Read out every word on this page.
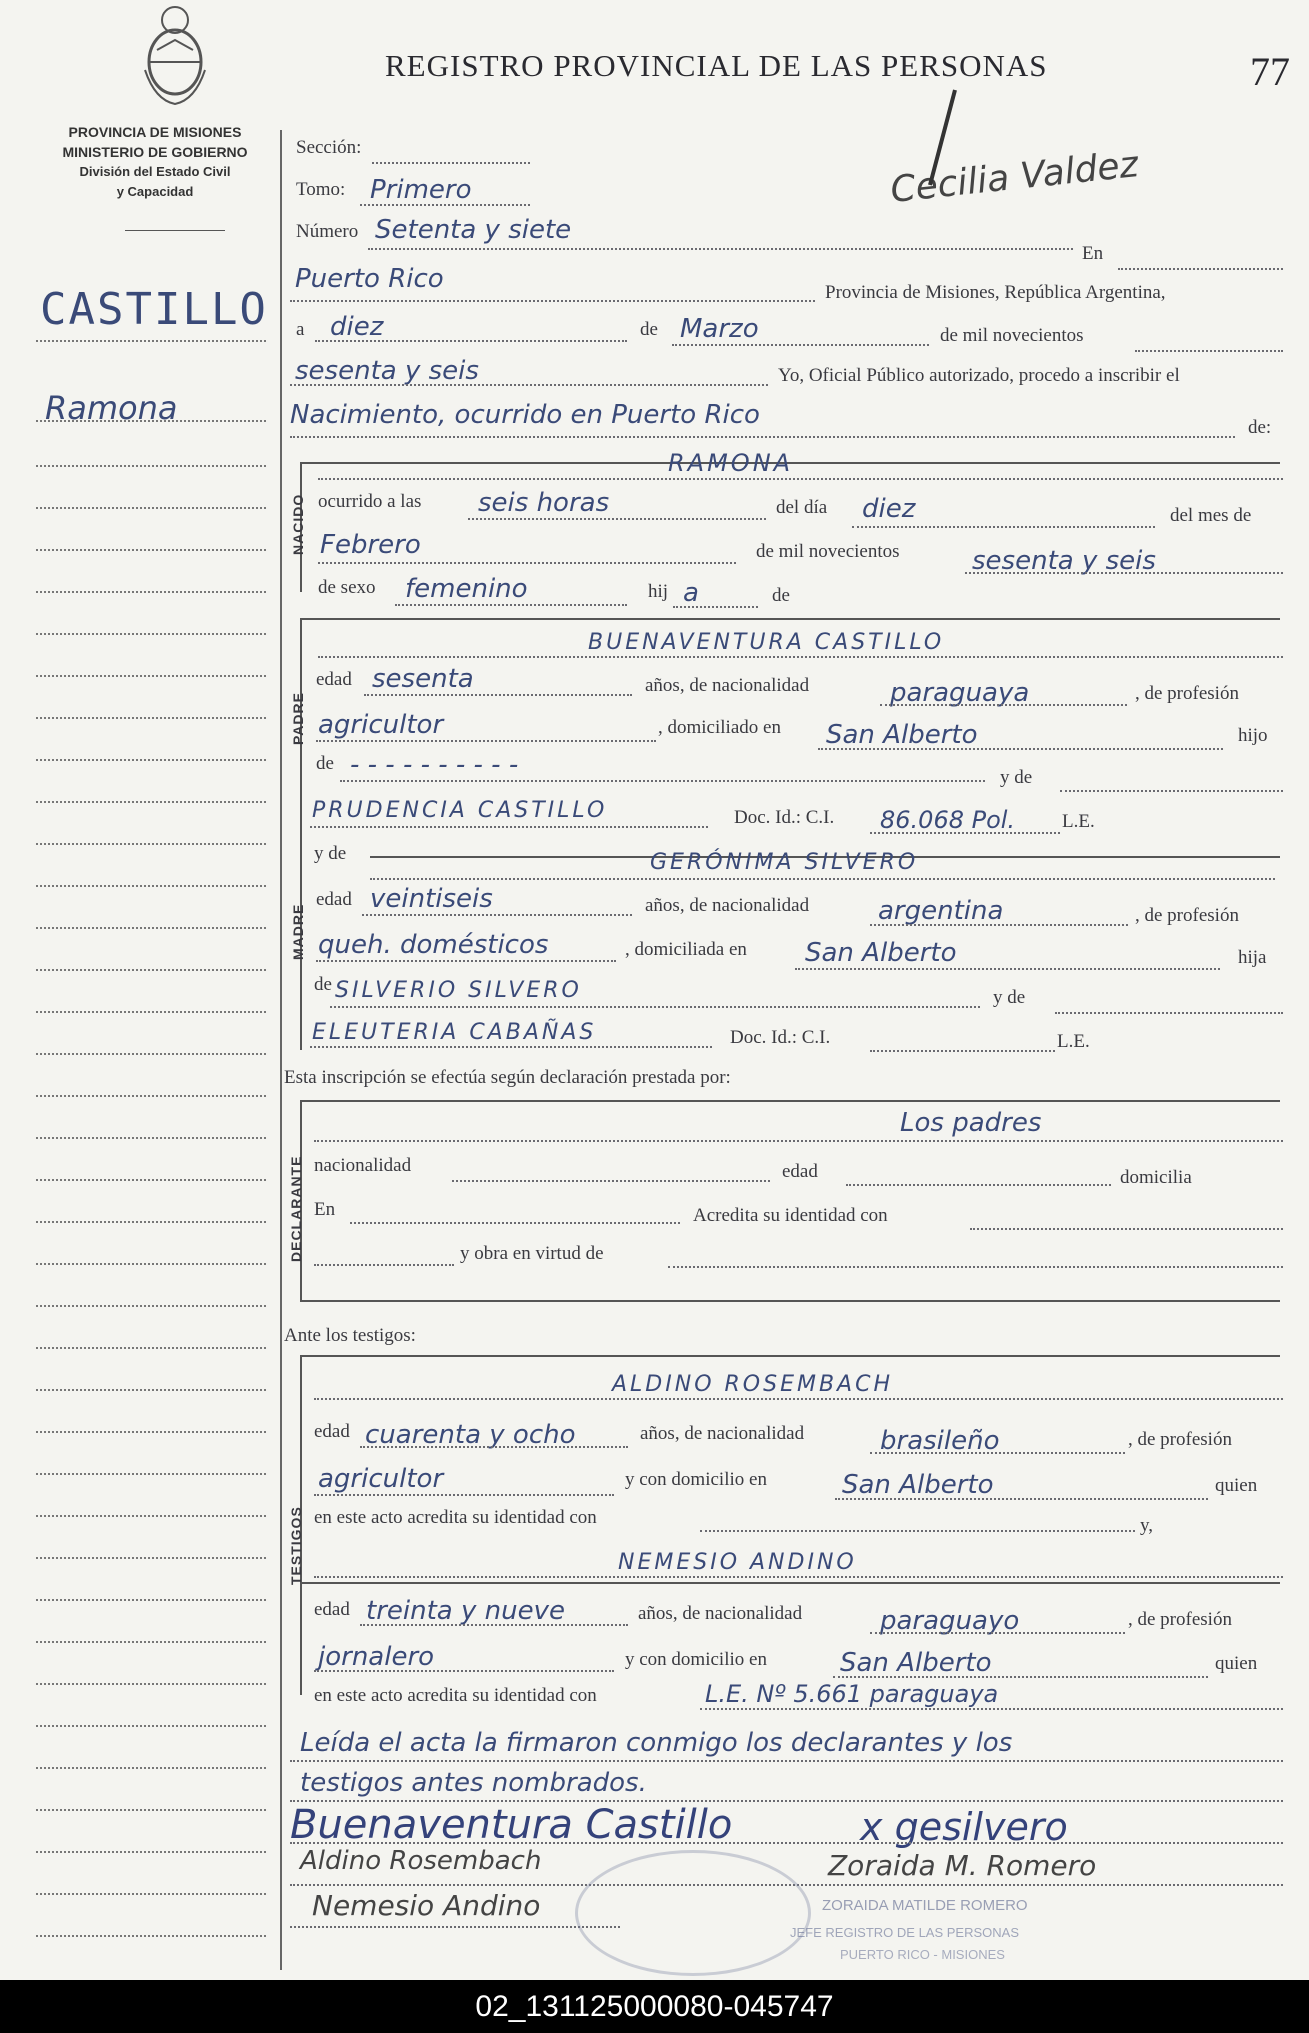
PROVINCIA DE MISIONES
MINISTERIO DE GOBIERNO
División del Estado Civil
y Capacidad
REGISTRO PROVINCIAL DE LAS PERSONAS	77
Cecilia Valdez
CASTILLO
Ramona
Sección:
Tomo: Primero
Número Setenta y siete
En
Puerto Rico	Provincia de Misiones, República Argentina,
a diez	de Marzo	de mil novecientos
sesenta y seis	Yo, Oficial Público autorizado, procedo a inscribir el
Nacimiento, ocurrido en Puerto Rico	de:
NACIDO
RAMONA
ocurrido a las seis horas	del día diez	del mes de
Febrero	de mil novecientos	sesenta y seis
de sexo femenino	hij a	de
PADRE
BUENAVENTURA CASTILLO
edad sesenta	años, de nacionalidad	paraguaya	, de profesión
agricultor	, domiciliado en San Alberto	hijo
de - - - - - - - - - -	y de
PRUDENCIA CASTILLO	Doc. Id.: C.I. 86.068 Pol. L.E.
MADRE
y de	GERÓNIMA SILVERO
edad veintiseis	años, de nacionalidad	argentina	, de profesión
queh. domésticos	, domiciliada en San Alberto	hija
de SILVERIO SILVERO	y de
ELEUTERIA CABAÑAS	Doc. Id.: C.I.	L.E.
Esta inscripción se efectúa según declaración prestada por:
DECLARANTE
Los padres
nacionalidad	edad	domicilia
En	Acredita su identidad con
y obra en virtud de
Ante los testigos:
TESTIGOS
ALDINO ROSEMBACH
edad cuarenta y ocho	años, de nacionalidad	brasileño	, de profesión
agricultor	y con domicilio en	San Alberto	quien
en este acto acredita su identidad con	y,
NEMESIO ANDINO
edad treinta y nueve	años, de nacionalidad	paraguayo	, de profesión
jornalero	y con domicilio en	San Alberto	quien
en este acto acredita su identidad con	L.E. Nº 5.661 paraguaya
Leída el acta la firmaron conmigo los declarantes y los
testigos antes nombrados.
Buenaventura Castillo	x gesilvero
Aldino Rosembach	Zoraida M. Romero
Nemesio Andino	ZORAIDA MATILDE ROMERO
JEFE REGISTRO DE LAS PERSONAS
PUERTO RICO - MISIONES
02_131125000080-045747
